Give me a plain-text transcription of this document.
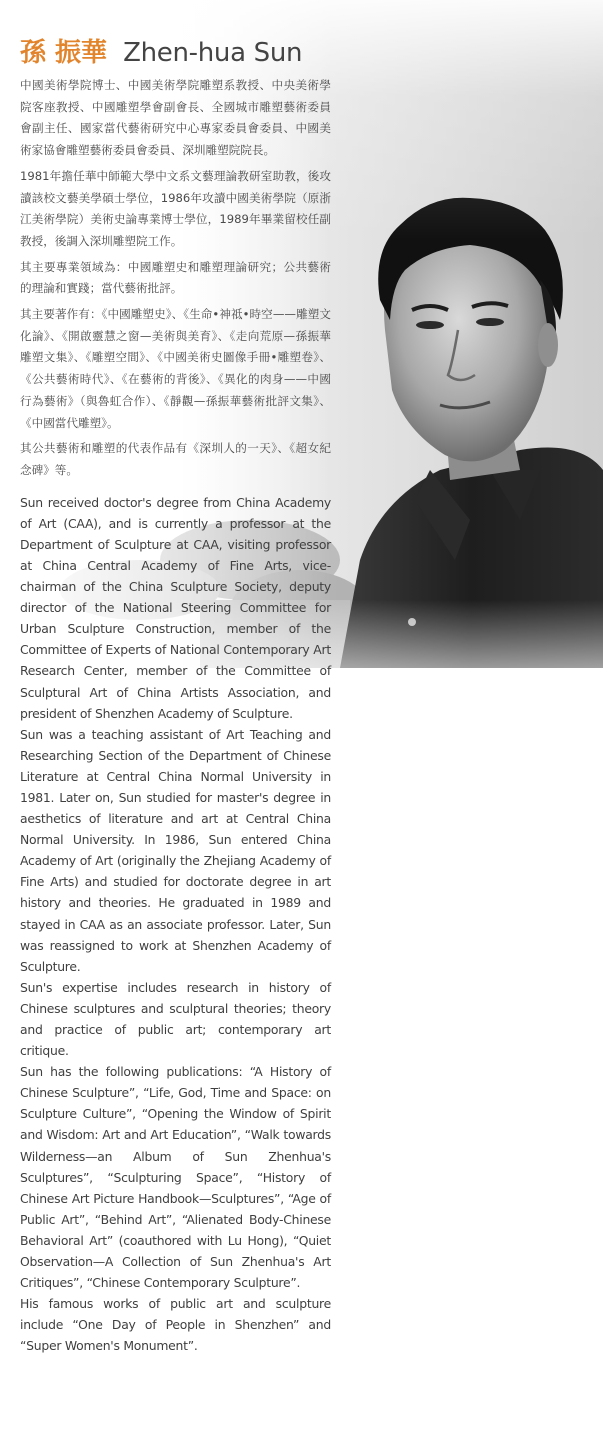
孫 振華 Zhen-hua Sun

中國美術學院博士、中國美術學院雕塑系教授、中央美術學院客座教授、中國雕塑學會副會長、全國城市雕塑藝術委員會副主任、國家當代藝術研究中心專家委員會委員、中國美術家協會雕塑藝術委員會委員、深圳雕塑院院長。

1981年擔任華中師範大學中文系文藝理論教研室助教，後攻讀該校文藝美學碩士學位，1986年攻讀中國美術學院（原浙江美術學院）美術史論專業博士學位，1989年畢業留校任副教授，後調入深圳雕塑院工作。

其主要專業領域為：中國雕塑史和雕塑理論研究；公共藝術的理論和實踐；當代藝術批評。

其主要著作有：《中國雕塑史》、《生命•神祗•時空——雕塑文化論》、《開啟靈慧之窗—美術與美育》、《走向荒原—孫振華雕塑文集》、《雕塑空間》、《中國美術史圖像手冊•雕塑卷》、《公共藝術時代》、《在藝術的背後》、《異化的肉身——中國行為藝術》（與魯虹合作）、《靜觀—孫振華藝術批評文集》、《中國當代雕塑》。

其公共藝術和雕塑的代表作品有《深圳人的一天》、《超女紀念碑》等。

Sun received doctor's degree from China Academy of Art (CAA), and is currently a professor at the Department of Sculpture at CAA, visiting professor at China Central Academy of Fine Arts, vice-chairman of the China Sculpture Society, deputy director of the National Steering Committee for Urban Sculpture Construction, member of the Committee of Experts of National Contemporary Art Research Center, member of the Committee of Sculptural Art of China Artists Association, and president of Shenzhen Academy of Sculpture.

Sun was a teaching assistant of Art Teaching and Researching Section of the Department of Chinese Literature at Central China Normal University in 1981. Later on, Sun studied for master's degree in aesthetics of literature and art at Central China Normal University. In 1986, Sun entered China Academy of Art (originally the Zhejiang Academy of Fine Arts) and studied for doctorate degree in art history and theories. He graduated in 1989 and stayed in CAA as an associate professor. Later, Sun was reassigned to work at Shenzhen Academy of Sculpture.

Sun's expertise includes research in history of Chinese sculptures and sculptural theories; theory and practice of public art; contemporary art critique.

Sun has the following publications: “A History of Chinese Sculpture”, “Life, God, Time and Space: on Sculpture Culture”, “Opening the Window of Spirit and Wisdom: Art and Art Education”, “Walk towards Wilderness—an Album of Sun Zhenhua's Sculptures”, “Sculpturing Space”, “History of Chinese Art Picture Handbook—Sculptures”, “Age of Public Art”, “Behind Art”, “Alienated Body-Chinese Behavioral Art” (coauthored with Lu Hong), “Quiet Observation—A Collection of Sun Zhenhua's Art Critiques”, “Chinese Contemporary Sculpture”.

His famous works of public art and sculpture include “One Day of People in Shenzhen” and “Super Women's Monument”.
